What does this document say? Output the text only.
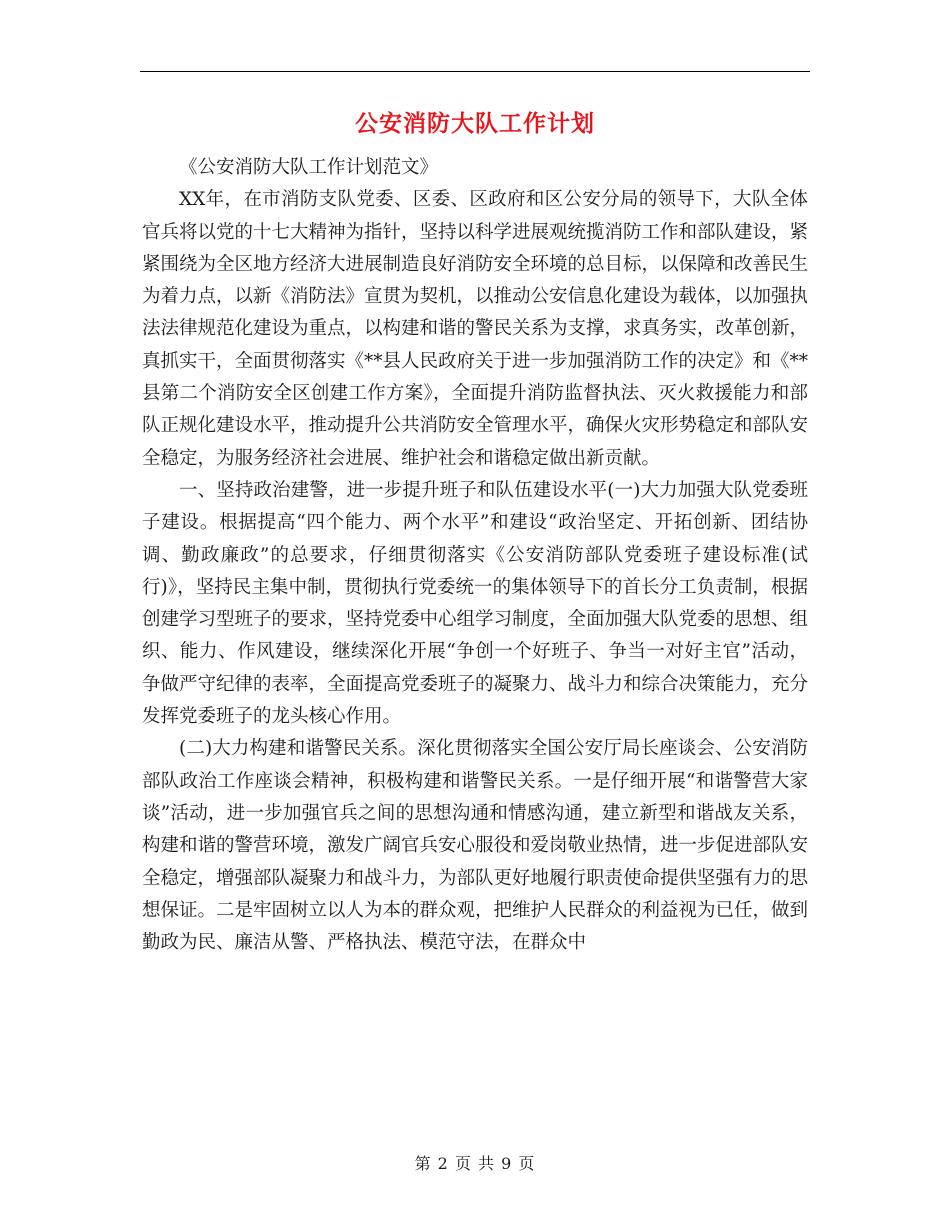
公安消防大队工作计划

《公安消防大队工作计划范文》

XX年，在市消防支队党委、区委、区政府和区公安分局的领导下，大队全体官兵将以党的十七大精神为指针，坚持以科学进展观统揽消防工作和部队建设，紧紧围绕为全区地方经济大进展制造良好消防安全环境的总目标，以保障和改善民生为着力点，以新《消防法》宣贯为契机，以推动公安信息化建设为载体，以加强执法法律规范化建设为重点，以构建和谐的警民关系为支撑，求真务实，改革创新，真抓实干，全面贯彻落实《**县人民政府关于进一步加强消防工作的决定》和《**县第二个消防安全区创建工作方案》，全面提升消防监督执法、灭火救援能力和部队正规化建设水平，推动提升公共消防安全管理水平，确保火灾形势稳定和部队安全稳定，为服务经济社会进展、维护社会和谐稳定做出新贡献。

一、坚持政治建警，进一步提升班子和队伍建设水平(一)大力加强大队党委班子建设。根据提高“四个能力、两个水平”和建设“政治坚定、开拓创新、团结协调、勤政廉政”的总要求，仔细贯彻落实《公安消防部队党委班子建设标准(试行)》，坚持民主集中制，贯彻执行党委统一的集体领导下的首长分工负责制，根据创建学习型班子的要求，坚持党委中心组学习制度，全面加强大队党委的思想、组织、能力、作风建设，继续深化开展“争创一个好班子、争当一对好主官”活动，争做严守纪律的表率，全面提高党委班子的凝聚力、战斗力和综合决策能力，充分发挥党委班子的龙头核心作用。

(二)大力构建和谐警民关系。深化贯彻落实全国公安厅局长座谈会、公安消防部队政治工作座谈会精神，积极构建和谐警民关系。一是仔细开展“和谐警营大家谈”活动，进一步加强官兵之间的思想沟通和情感沟通，建立新型和谐战友关系，构建和谐的警营环境，激发广阔官兵安心服役和爱岗敬业热情，进一步促进部队安全稳定，增强部队凝聚力和战斗力，为部队更好地履行职责使命提供坚强有力的思想保证。二是牢固树立以人为本的群众观，把维护人民群众的利益视为已任，做到勤政为民、廉洁从警、严格执法、模范守法，在群众中

第 2 页 共 9 页
